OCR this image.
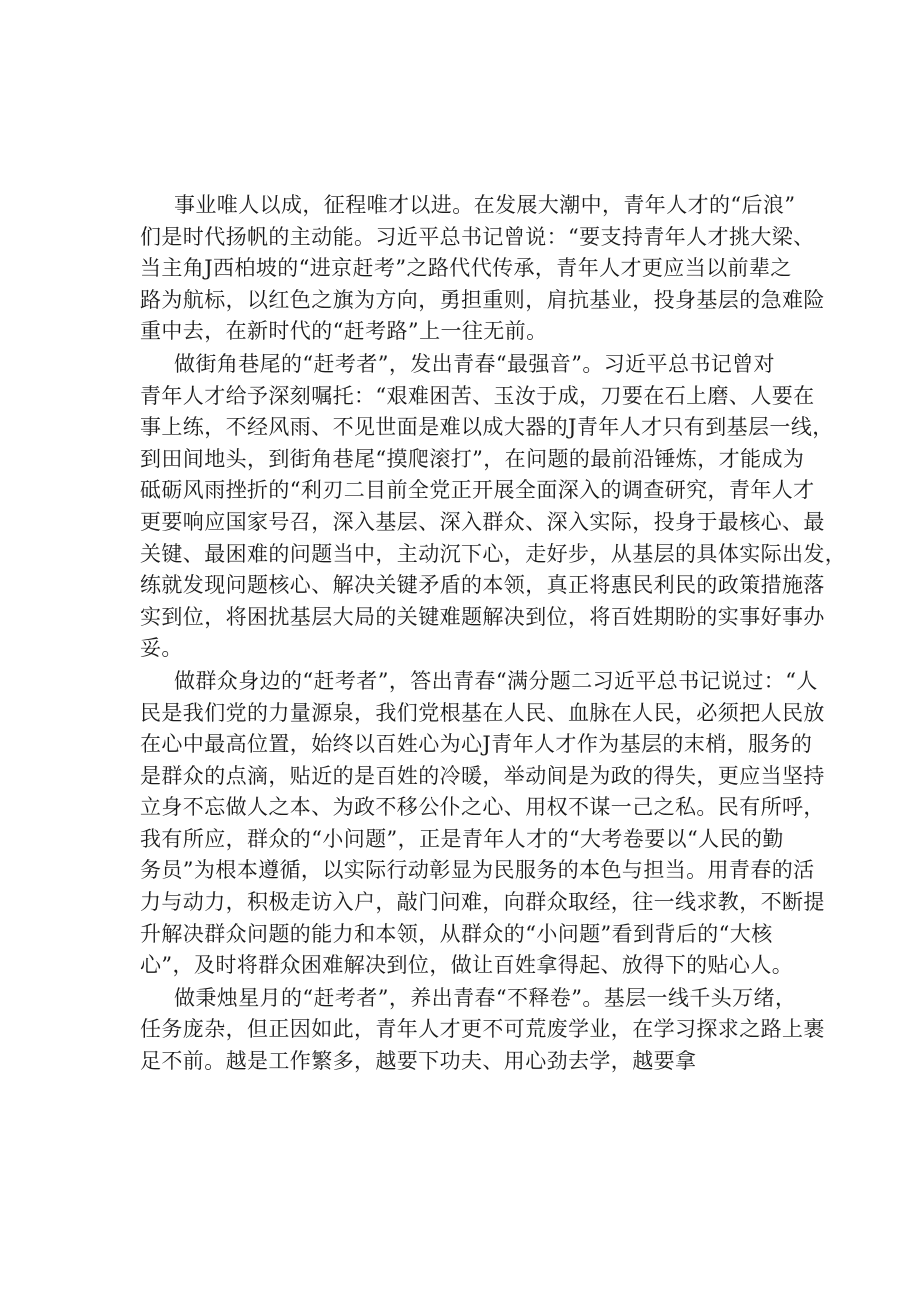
事业唯人以成，征程唯才以进。在发展大潮中，青年人才的“后浪”
们是时代扬帆的主动能。习近平总书记曾说：“要支持青年人才挑大梁、
当主角J西柏坡的“进京赶考”之路代代传承，青年人才更应当以前辈之
路为航标，以红色之旗为方向，勇担重则，肩抗基业，投身基层的急难险
重中去，在新时代的“赶考路”上一往无前。
做街角巷尾的“赶考者”，发出青春“最强音”。习近平总书记曾对
青年人才给予深刻嘱托：“艰难困苦、玉汝于成，刀要在石上磨、人要在
事上练，不经风雨、不见世面是难以成大器的J青年人才只有到基层一线，
到田间地头，到街角巷尾“摸爬滚打”，在问题的最前沿锤炼，才能成为
砥砺风雨挫折的“利刃二目前全党正开展全面深入的调查研究，青年人才
更要响应国家号召，深入基层、深入群众、深入实际，投身于最核心、最
关键、最困难的问题当中，主动沉下心，走好步，从基层的具体实际出发，
练就发现问题核心、解决关键矛盾的本领，真正将惠民利民的政策措施落
实到位，将困扰基层大局的关键难题解决到位，将百姓期盼的实事好事办
妥。
做群众身边的“赶考者”，答出青春“满分题二习近平总书记说过：“人
民是我们党的力量源泉，我们党根基在人民、血脉在人民，必须把人民放
在心中最高位置，始终以百姓心为心J青年人才作为基层的末梢，服务的
是群众的点滴，贴近的是百姓的冷暖，举动间是为政的得失，更应当坚持
立身不忘做人之本、为政不移公仆之心、用权不谋一己之私。民有所呼，
我有所应，群众的“小问题”，正是青年人才的“大考卷要以“人民的勤
务员”为根本遵循，以实际行动彰显为民服务的本色与担当。用青春的活
力与动力，积极走访入户，敲门问难，向群众取经，往一线求教，不断提
升解决群众问题的能力和本领，从群众的“小问题”看到背后的“大核
心”，及时将群众困难解决到位，做让百姓拿得起、放得下的贴心人。
做秉烛星月的“赶考者”，养出青春“不释卷”。基层一线千头万绪，
任务庞杂，但正因如此，青年人才更不可荒废学业，在学习探求之路上裹
足不前。越是工作繁多，越要下功夫、用心劲去学，越要拿
